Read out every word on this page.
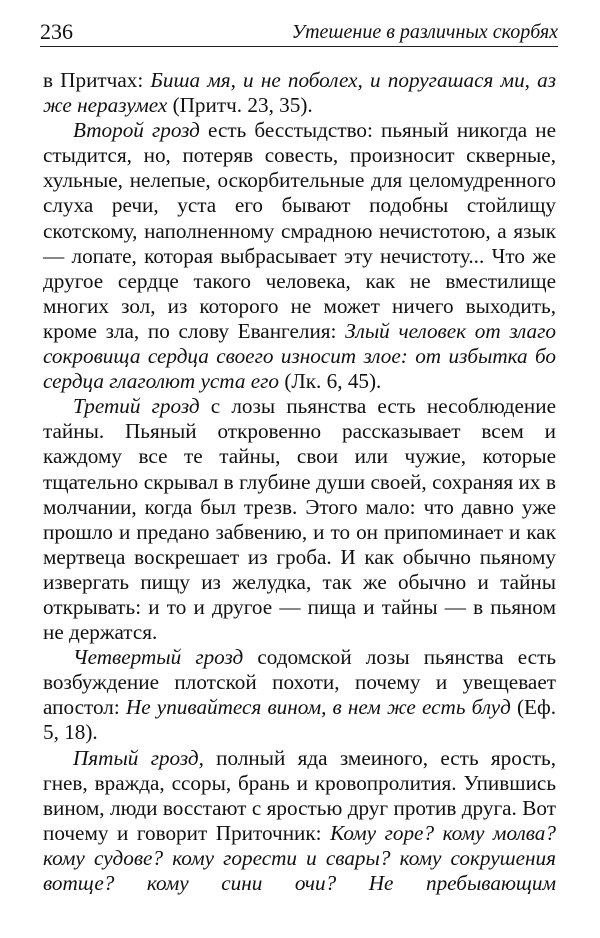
236	Утешение в различных скорбях

в Притчах: Биша мя, и не поболех, и поругашася ми, аз же неразумех (Притч. 23, 35).

Второй грозд есть бесстыдство: пьяный никогда не стыдится, но, потеряв совесть, произносит скверные, хульные, нелепые, оскорбительные для целомудренного слуха речи, уста его бывают подобны стойлищу скотскому, наполненному смрадною нечистотою, а язык — лопате, которая выбрасывает эту нечистоту... Что же другое сердце такого человека, как не вместилище многих зол, из которого не может ничего выходить, кроме зла, по слову Евангелия: Злый человек от злаго сокровища сердца своего износит злое: от избытка бо сердца глаголют уста его (Лк. 6, 45).

Третий грозд с лозы пьянства есть несоблюдение тайны. Пьяный откровенно рассказывает всем и каждому все те тайны, свои или чужие, которые тщательно скрывал в глубине души своей, сохраняя их в молчании, когда был трезв. Этого мало: что давно уже прошло и предано забвению, и то он припоминает и как мертвеца воскрешает из гроба. И как обычно пьяному извергать пищу из желудка, так же обычно и тайны открывать: и то и другое — пища и тайны — в пьяном не держатся.

Четвертый грозд содомской лозы пьянства есть возбуждение плотской похоти, почему и увещевает апостол: Не упивайтеся вином, в нем же есть блуд (Еф. 5, 18).

Пятый грозд, полный яда змеиного, есть ярость, гнев, вражда, ссоры, брань и кровопролития. Упившись вином, люди восстают с яростью друг против друга. Вот почему и говорит Приточник: Кому горе? кому молва? кому судове? кому горести и свары? кому сокрушения вотще? кому сини очи? Не пребывающим
